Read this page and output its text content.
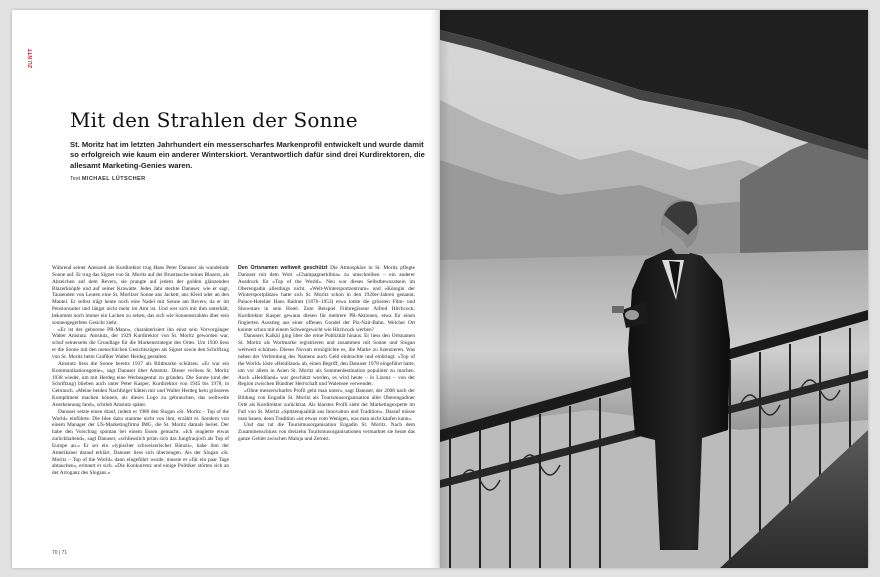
ZU.NTT
Mit den Strahlen der Sonne

St. Moritz hat im letzten Jahrhundert ein messerscharfes Markenprofil entwickelt und wurde damit so erfolgreich wie kaum ein anderer Winterskiort. Verantwortlich dafür sind drei Kurdirektoren, die allesamt Marketing-Genies waren.

Text MICHAEL LÜTSCHER

Während seiner Amtszeit als Kurdirektor trug Hans Peter Danuser als wandelnde Sonne auf. Er trug das Signet von St. Moritz auf der Brusttasche seines Blazers, als Abzeichen auf dem Revers, sie prangte auf jedem der golden glänzenden Blazerknöpfe und auf seiner Krawatte. Jedes Jahr steckte Danuser, wie er sagt, Tausenden von Leuten eine St. Moritzer Sonne ans Jackett, ans Kleid oder an den Mantel. Er selbst trägt heute noch eine Nadel mit Sonne am Revers, da er im Pensionsalter und längst nicht mehr im Amt ist. Und wer sich mit ihm unterhält, bekommt noch immer ein Lachen zu sehen, das sich wie Sonnenstrahlen über sein sonnengegerbtes Gesicht zieht.

«Er ist der geborene PR-Mann», charakterisiert ihn einst sein Vorvorgänger Walter Amstutz. Amstutz, der 1929 Kurdirektor von St. Moritz geworden war, schuf seinerseits die Grundlage für die Markenstrategie des Ortes. Um 1930 liess er die Sonne mit den menschlichen Gesichtszügen als Signet sowie den Schriftzug von St. Moritz beim Grafiker Walter Herdeg gestalten.

Amstutz liess die Sonne bereits 1937 als Bildmarke schützen. «Er war ein Kommunikationsgenie», sagt Danuser über Amstutz. Dieser verliess St. Moritz 1938 wieder, um mit Herdeg eine Werbeagentur zu gründen. Die Sonne (und der Schriftzug) blieben auch unter Peter Kasper, Kurdirektor von 1945 bis 1978, in Gebrauch. «Meine beiden Nachfolger hätten mir und Walter Herdeg kein grösseres Kompliment machen können, als dieses Logo zu gebrauchen, das weltweite Anerkennung fand», schrieb Amstutz später.

Danuser setzte einen drauf, indem er 1986 den Slogan «St. Moritz – Top of the World» einführte. Die Idee dazu stamme nicht von ihm, erzählt er. Sondern von einem Manager der US-Marketingfirma IMG, die St. Moritz damals beriet. Der habe den Vorschlag spontan bei einem Essen gemacht. «Ich reagierte etwas zurückhaltend», sagt Danuser, «schliesslich prüm sich das Jungfraujoch als Top of Europe an.» Er sei ein «typischer schweizerischer Bünzli», habe ihm der Amerikaner darauf erklärt. Danuser liess sich überzeugen. Als der Slogan «St. Moritz – Top of the World» dann eingeführt wurde, musste er «für ein paar Tage abtauchen», erinnert er sich. «Die Konkurrenz und einige Politiker störten sich an der Arroganz des Slogans.»

Den Ortsnamen weltweit geschützt Die Atmosphäre in St. Moritz pflegte Danuser mit dem Wort «Champagnerklima» zu umschreiben – ein anderer Ausdruck für «Top of the World». Neu war dieses Selbstbewusstsein im Oberengadin allerdings nicht. «Welt-Wintersportzentrum» und «Königin der Wintersportplätze» hatte sich St. Moritz schon in den 1920er-Jahren genannt. Palace-Hotelier Hans Badrutt (1876–1953) etwa lotste die grössten Film- und Showstars in sein Hotel. Zum Beispiel Filmregisseur Alfred Hitchcock; Kurdirektor Kasper gewann diesen für mehrere PR-Aktionen, etwa für einen fingierten Ausstieg aus einer offenen Gondel der Piz-Nair-Bahn. Welcher Ort konnte schon mit einem Schwergewicht wie Hitchcock werben?

Danusers Kalkül ging über die reine Publizität hinaus. Er liess den Ortsnamen St. Moritz als Wortmarke registrieren und zusammen mit Sonne und Slogan weltweit schützen. Dieses Novum ermöglichte es, die Marke zu lizenzieren. Was neben der Verbreitung des Namens auch Geld einbrachte und einbringt. «Top of the World» löste «Heidiland» ab, einen Begriff, den Danuser 1978 eingeführt hatte, um vor allem in Asien St. Moritz als Sommerdestination populärer zu machen. Auch «Heidiland» war geschützt worden, es wird heute – in Lizenz – von der Region zwischen Bündner Herrschaft und Walensee verwendet.

«Ohne messerscharfes Profil geht man unter», sagt Danuser, der 2008 nach der Bildung von Engadin St. Moritz als Tourismusorganisation aller Oberengadiner Orte als Kurdirektor zurücktrat. Als klarstes Profil sieht der Marketingexperte im Fall von St. Moritz «Spitzenqualität aus Innovation und Tradition». Darauf müsse man bauen, denn Tradition «ist etwas vom Wenigen, was man nicht kaufen kann».

Und das tut die Tourismusorganisation Engadin St. Moritz. Nach dem Zusammenschluss von dreizehn Tourismusorganisationen vermarktet sie heute das ganze Gebiet zwischen Maloja und Zernez.

70 | 71

Ein gern gesehener Gast, der St. Moritz liebte: Alfred Hitchcock, 1958.
